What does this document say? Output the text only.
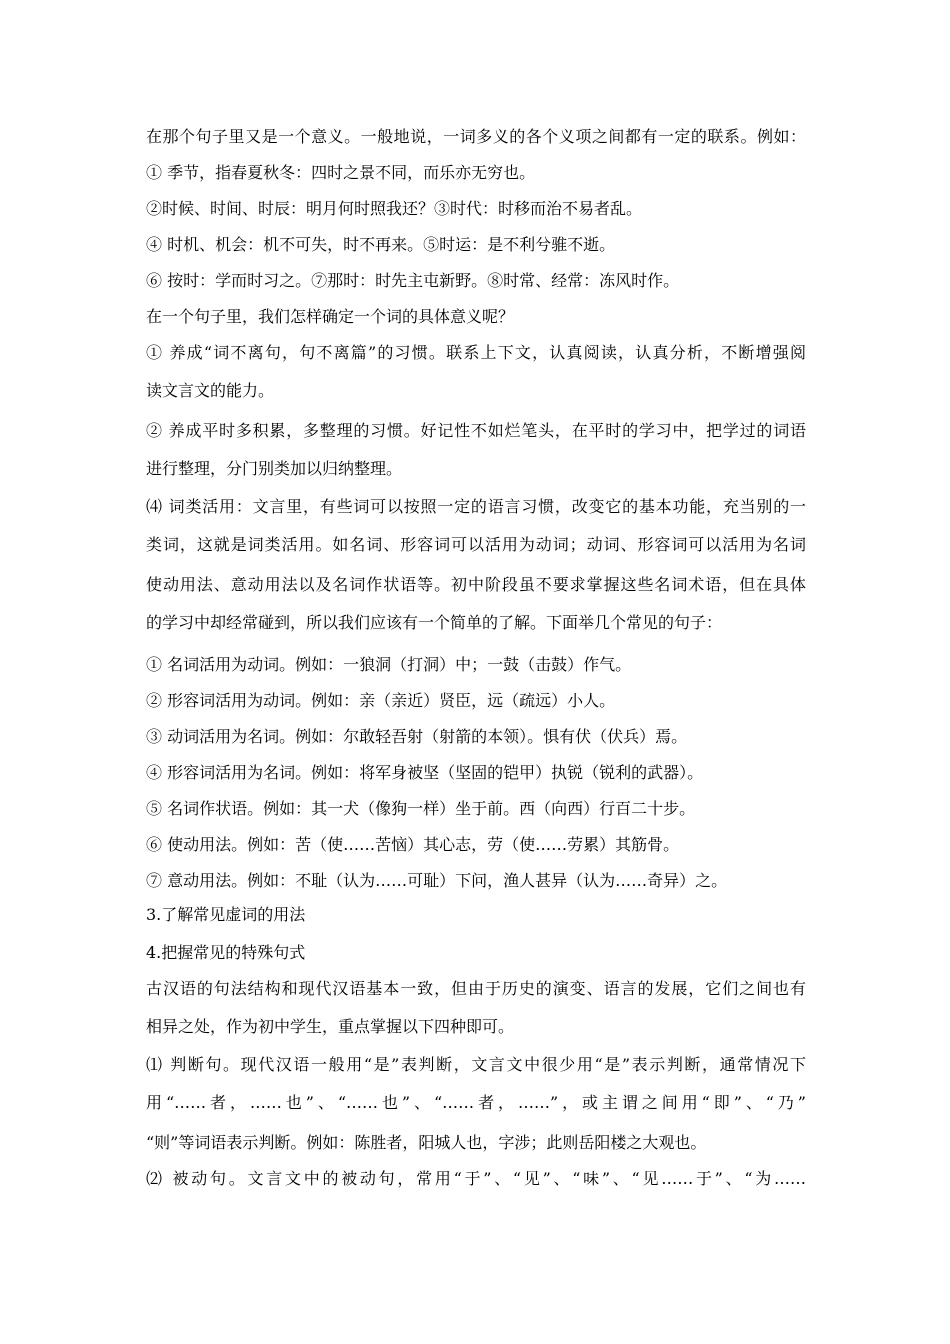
在那个句子里又是一个意义。一般地说，一词多义的各个义项之间都有一定的联系。例如：
① 季节，指春夏秋冬：四时之景不同，而乐亦无穷也。
②时候、时间、时辰：明月何时照我还？③时代：时移而治不易者乱。
④ 时机、机会：机不可失，时不再来。⑤时运：是不利兮骓不逝。
⑥ 按时：学而时习之。⑦那时：时先主屯新野。⑧时常、经常：冻风时作。
在一个句子里，我们怎样确定一个词的具体意义呢？
① 养成“词不离句，句不离篇”的习惯。联系上下文，认真阅读，认真分析，不断增强阅
读文言文的能力。
② 养成平时多积累，多整理的习惯。好记性不如烂笔头，在平时的学习中，把学过的词语
进行整理，分门别类加以归纳整理。
⑷ 词类活用：文言里，有些词可以按照一定的语言习惯，改变它的基本功能，充当别的一
类词，这就是词类活用。如名词、形容词可以活用为动词；动词、形容词可以活用为名词
使动用法、意动用法以及名词作状语等。初中阶段虽不要求掌握这些名词术语，但在具体
的学习中却经常碰到，所以我们应该有一个简单的了解。下面举几个常见的句子：
① 名词活用为动词。例如：一狼洞（打洞）中；一鼓（击鼓）作气。
② 形容词活用为动词。例如：亲（亲近）贤臣，远（疏远）小人。
③ 动词活用为名词。例如：尔敢轻吾射（射箭的本领）。惧有伏（伏兵）焉。
④ 形容词活用为名词。例如：将军身被坚（坚固的铠甲）执锐（锐利的武器）。
⑤ 名词作状语。例如：其一犬（像狗一样）坐于前。西（向西）行百二十步。
⑥ 使动用法。例如：苦（使……苦恼）其心志，劳（使……劳累）其筋骨。
⑦ 意动用法。例如：不耻（认为……可耻）下问，渔人甚异（认为……奇异）之。
3.了解常见虚词的用法
4.把握常见的特殊句式
古汉语的句法结构和现代汉语基本一致，但由于历史的演变、语言的发展，它们之间也有
相异之处，作为初中学生，重点掌握以下四种即可。
⑴ 判断句。现代汉语一般用“是”表判断，文言文中很少用“是”表示判断，通常情况下
用“……者，……也”、“……也”、“……者，……”，或主谓之间用“即”、“乃”
“则”等词语表示判断。例如：陈胜者，阳城人也，字涉；此则岳阳楼之大观也。
⑵ 被动句。文言文中的被动句，常用“于”、“见”、“味”、“见……于”、“为……
